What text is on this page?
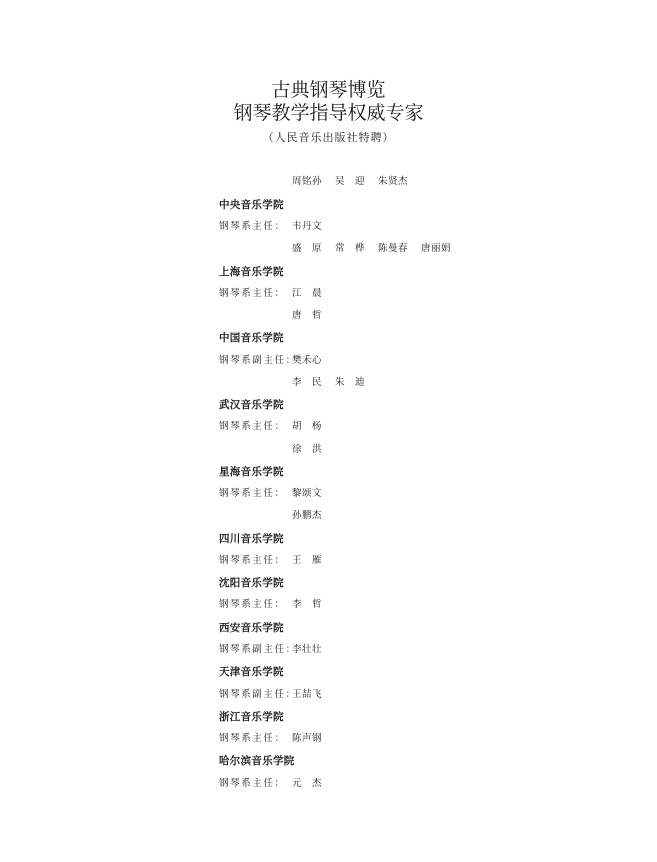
古典钢琴博览
钢琴教学指导权威专家
（人民音乐出版社特聘）
周铭孙 吴　迎 朱贤杰
中央音乐学院
钢琴系主任： 韦丹文
盛　原 常　桦 陈曼春 唐丽娟
上海音乐学院
钢琴系主任： 江　晨
唐　哲
中国音乐学院
钢琴系副主任：
樊禾心
李　民 朱　迪
武汉音乐学院
钢琴系主任： 胡　杨
徐　洪
星海音乐学院
钢琴系主任： 黎颂文
孙鹏杰
四川音乐学院
钢琴系主任： 王　雁
沈阳音乐学院
钢琴系主任： 李　哲
西安音乐学院
钢琴系副主任：
李壮壮
天津音乐学院
钢琴系副主任：
王喆飞
浙江音乐学院
钢琴系主任： 陈声钢
哈尔滨音乐学院
钢琴系主任： 元　杰
